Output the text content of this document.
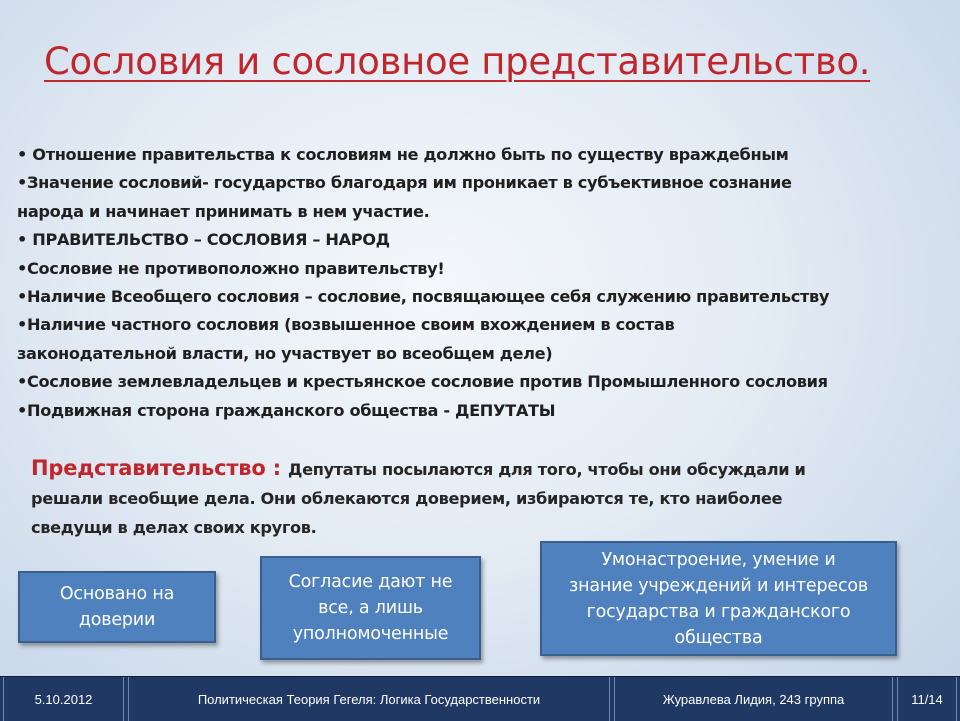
Сословия и сословное представительство.
• Отношение правительства к сословиям не должно быть по существу враждебным
•Значение сословий- государство благодаря им проникает в субъективное сознание
народа и начинает принимать в нем участие.
• ПРАВИТЕЛЬСТВО – СОСЛОВИЯ – НАРОД
•Сословие не противоположно правительству!
•Наличие Всеобщего сословия – сословие, посвящающее себя служению правительству
•Наличие частного сословия (возвышенное своим вхождением в состав
законодательной власти, но участвует во всеобщем деле)
•Сословие землевладельцев и крестьянское сословие против Промышленного сословия
•Подвижная сторона гражданского общества - ДЕПУТАТЫ
Представительство : Депутаты посылаются для того, чтобы они обсуждали и
решали всеобщие дела. Они облекаются доверием, избираются те, кто наиболее
сведущи в делах своих кругов.
Основано на
доверии
Согласие дают не
все, а лишь
уполномоченные
Умонастроение, умение и
знание учреждений и интересов
государства и гражданского
общества
5.10.2012	Политическая Теория Гегеля: Логика Государственности	Журавлева Лидия, 243 группа	11/14
